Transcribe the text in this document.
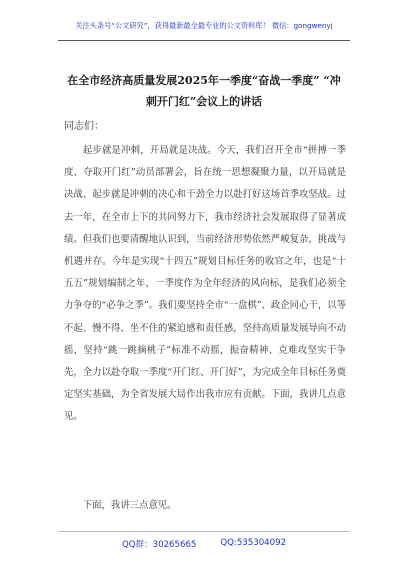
关注头条号“公文研究”，获得最新最全最专业的公文资料库！ 微信：gongwenyj
在全市经济高质量发展2025年一季度“奋战一季度” “冲
刺开门红”会议上的讲话
同志们：

起步就是冲刺，开局就是决战。今天，我们召开全市“拼搏一季度、夺取开门红”动员部署会，旨在统一思想凝聚力量，以开局就是决战、起步就是冲刺的决心和干劲全力以赴打好这场首季攻坚战。过去一年，在全市上下的共同努力下，我市经济社会发展取得了显著成绩。但我们也要清醒地认识到，当前经济形势依然严峻复杂，挑战与机遇并存。今年是实现“十四五”规划目标任务的收官之年，也是“十五五”规划编制之年，一季度作为全年经济的风向标，是我们必须全力争夺的“必争之季”。我们要坚持全市“一盘棋”、政企同心干，以等不起、慢不得、坐不住的紧迫感和责任感，坚持高质量发展导向不动摇，坚持“跳一跳摘桃子”标准不动摇，振奋精神、克难攻坚实干争先，全力以赴夺取一季度“开门红、开门好”，为完成全年目标任务奠定坚实基础，为全省发展大局作出我市应有贡献。下面，我讲几点意见。

下面，我讲三点意见。
QQ群：30265665	QQ:535304092
